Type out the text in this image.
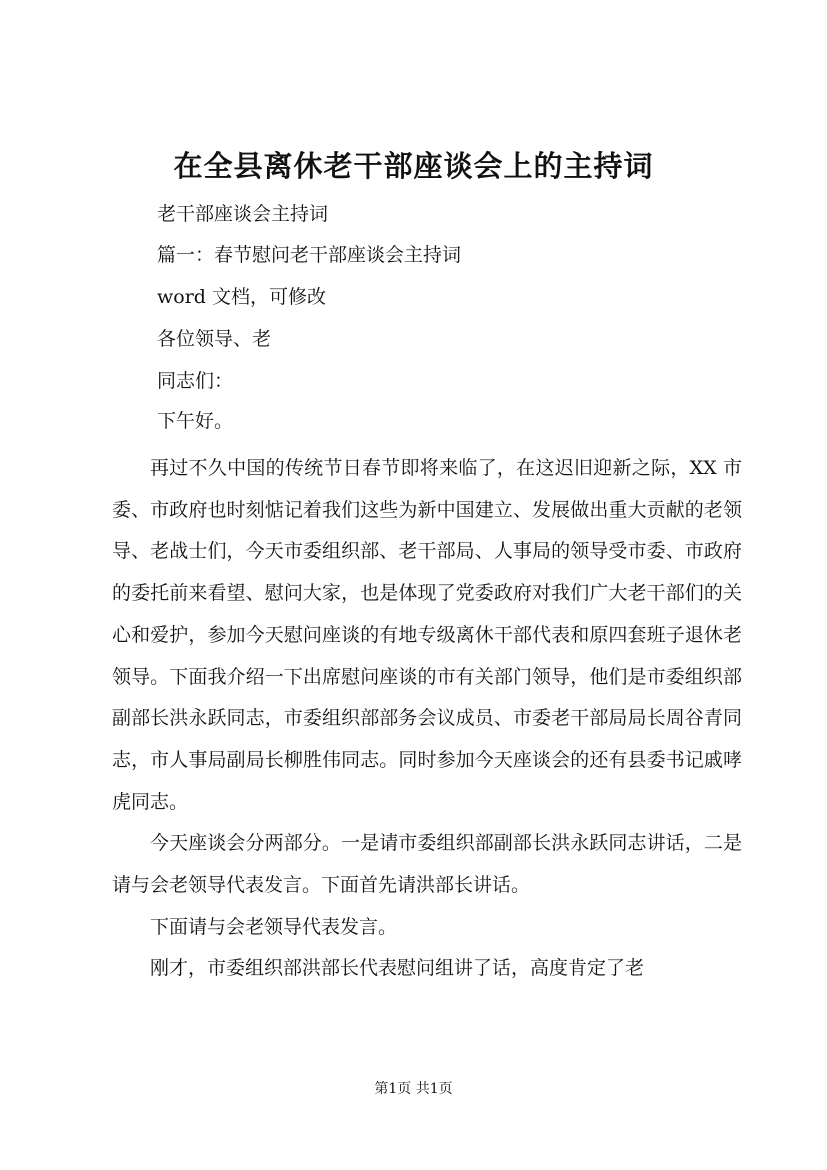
在全县离休老干部座谈会上的主持词

老干部座谈会主持词

篇一：春节慰问老干部座谈会主持词

word 文档，可修改

各位领导、老

同志们：

下午好。

再过不久中国的传统节日春节即将来临了，在这迟旧迎新之际，XX 市委、市政府也时刻惦记着我们这些为新中国建立、发展做出重大贡献的老领导、老战士们，今天市委组织部、老干部局、人事局的领导受市委、市政府的委托前来看望、慰问大家，也是体现了党委政府对我们广大老干部们的关心和爱护，参加今天慰问座谈的有地专级离休干部代表和原四套班子退休老领导。下面我介绍一下出席慰问座谈的市有关部门领导，他们是市委组织部副部长洪永跃同志，市委组织部部务会议成员、市委老干部局局长周谷青同志，市人事局副局长柳胜伟同志。同时参加今天座谈会的还有县委书记戚哮虎同志。

今天座谈会分两部分。一是请市委组织部副部长洪永跃同志讲话，二是请与会老领导代表发言。下面首先请洪部长讲话。

下面请与会老领导代表发言。

刚才，市委组织部洪部长代表慰问组讲了话，高度肯定了老

第1页 共1页
